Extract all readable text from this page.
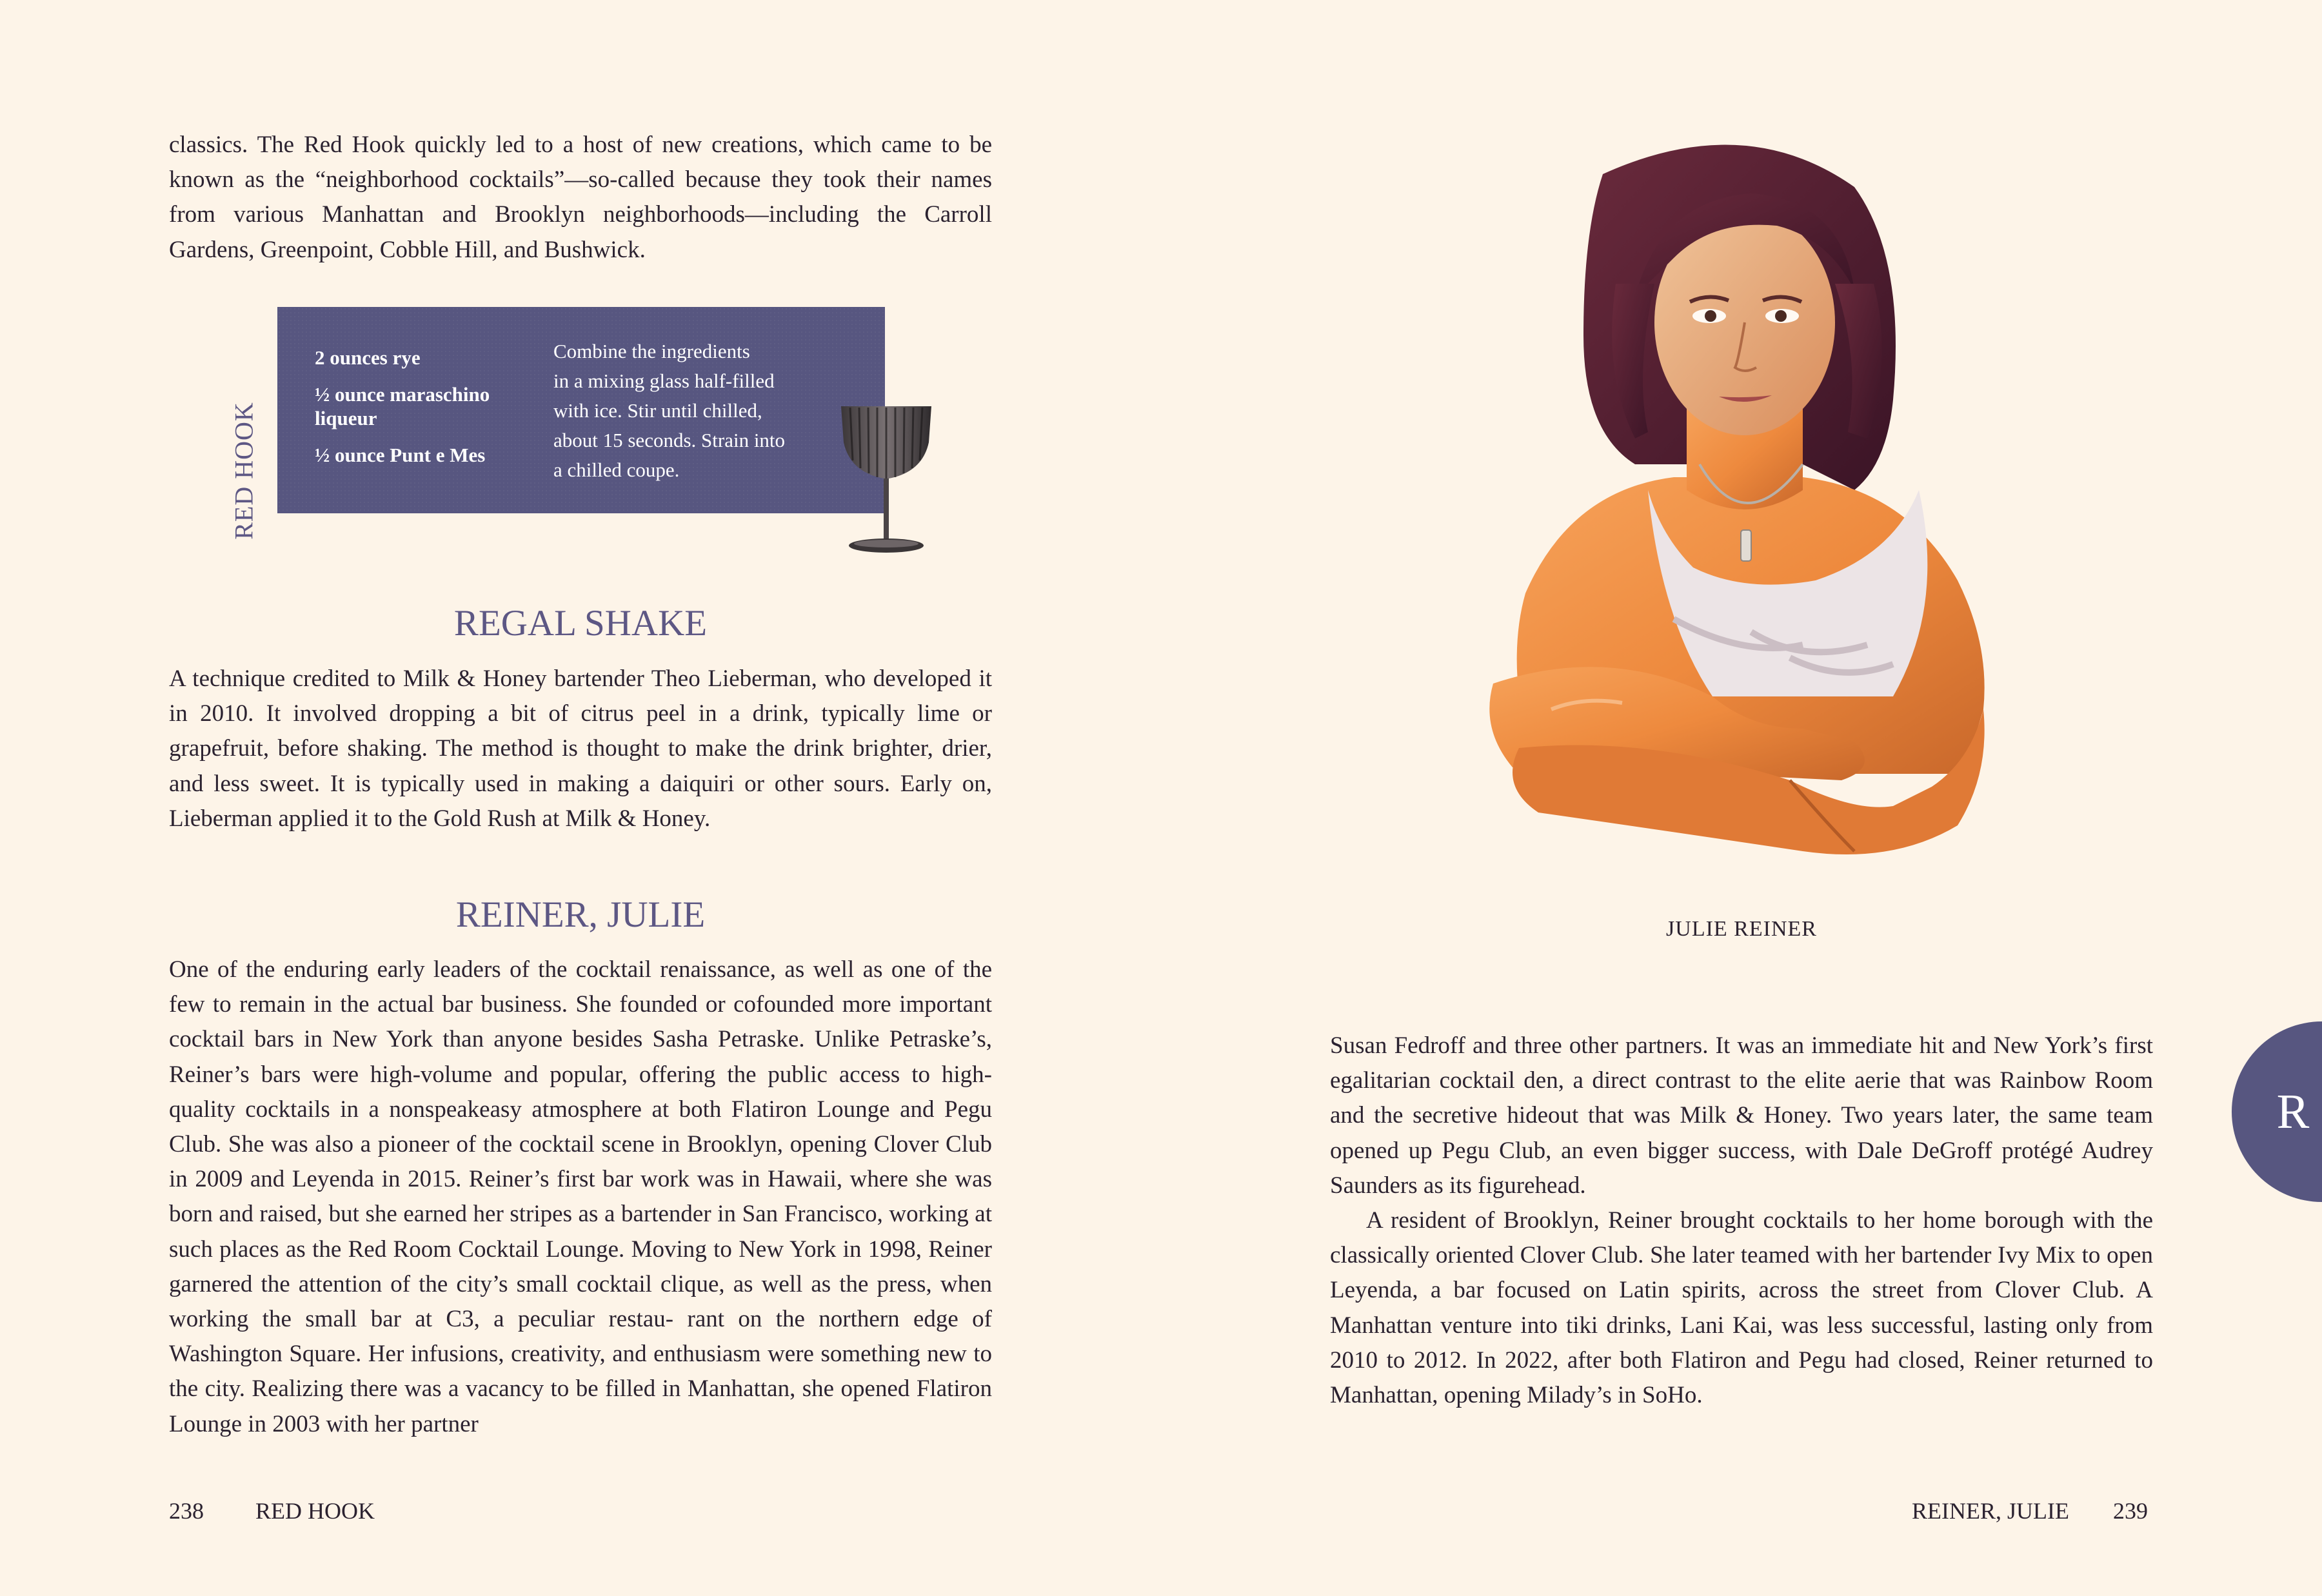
classics. The Red Hook quickly led to a host of new creations, which came to be known as the “neighborhood cocktails”—so-called because they took their names from various Manhattan and Brooklyn neighborhoods—including the Carroll Gardens, Greenpoint, Cobble Hill, and Bushwick.

RED HOOK
2 ounces rye
½ ounce maraschino liqueur
½ ounce Punt e Mes

Combine the ingredients
in a mixing glass half-filled
with ice. Stir until chilled,
about 15 seconds. Strain into
a chilled coupe.

REGAL SHAKE

A technique credited to Milk & Honey bartender Theo Lieberman, who developed it in 2010. It involved dropping a bit of citrus peel in a drink, typically lime or grapefruit, before shaking. The method is thought to make the drink brighter, drier, and less sweet. It is typically used in making a daiquiri or other sours. Early on, Lieberman applied it to the Gold Rush at Milk & Honey.

REINER, JULIE

One of the enduring early leaders of the cocktail renaissance, as well as one of the few to remain in the actual bar business. She founded or cofounded more important cocktail bars in New York than anyone besides Sasha Petraske. Unlike Petraske’s, Reiner’s bars were high-volume and popular, offering the public access to high-quality cocktails in a nonspeakeasy atmosphere at both Flatiron Lounge and Pegu Club. She was also a pioneer of the cocktail scene in Brooklyn, opening Clover Club in 2009 and Leyenda in 2015. Reiner’s first bar work was in Hawaii, where she was born and raised, but she earned her stripes as a bartender in San Francisco, working at such places as the Red Room Cocktail Lounge. Moving to New York in 1998, Reiner garnered the attention of the city’s small cocktail clique, as well as the press, when working the small bar at C3, a peculiar restau- rant on the northern edge of Washington Square. Her infusions, creativity, and enthusiasm were something new to the city. Realizing there was a vacancy to be filled in Manhattan, she opened Flatiron Lounge in 2003 with her partner

238 RED HOOK

JULIE REINER

Susan Fedroff and three other partners. It was an immediate hit and New York’s first egalitarian cocktail den, a direct contrast to the elite aerie that was Rainbow Room and the secretive hideout that was Milk & Honey. Two years later, the same team opened up Pegu Club, an even bigger success, with Dale DeGroff protégé Audrey Saunders as its figurehead.

A resident of Brooklyn, Reiner brought cocktails to her home borough with the classically oriented Clover Club. She later teamed with her bartender Ivy Mix to open Leyenda, a bar focused on Latin spirits, across the street from Clover Club. A Manhattan venture into tiki drinks, Lani Kai, was less successful, lasting only from 2010 to 2012. In 2022, after both Flatiron and Pegu had closed, Reiner returned to Manhattan, opening Milady’s in SoHo.

R

REINER, JULIE 239
